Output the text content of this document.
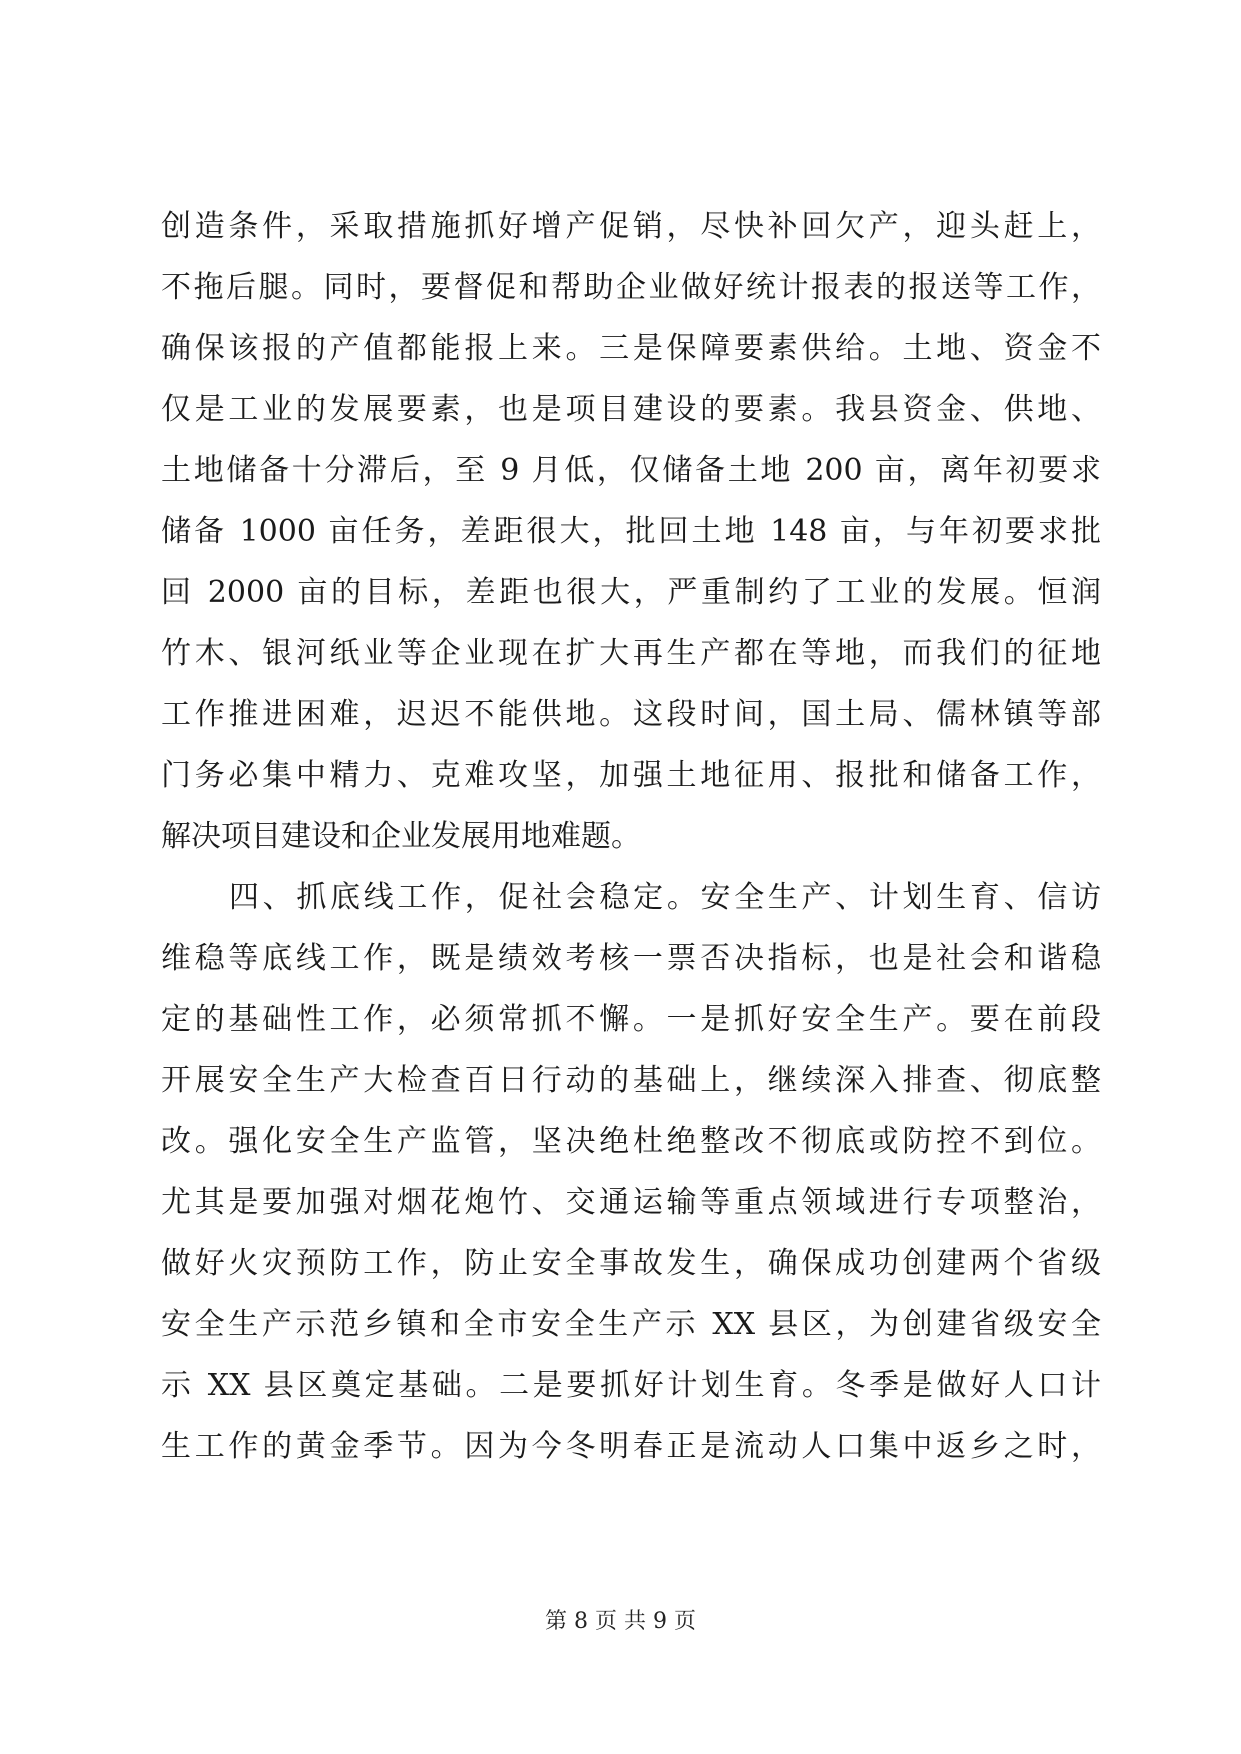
创造条件，采取措施抓好增产促销，尽快补回欠产，迎头赶上，
不拖后腿。同时，要督促和帮助企业做好统计报表的报送等工作，
确保该报的产值都能报上来。三是保障要素供给。土地、资金不
仅是工业的发展要素，也是项目建设的要素。我县资金、供地、
土地储备十分滞后，至 9 月低，仅储备土地 200 亩，离年初要求
储备 1000 亩任务，差距很大，批回土地 148 亩，与年初要求批
回 2000 亩的目标，差距也很大，严重制约了工业的发展。恒润
竹木、银河纸业等企业现在扩大再生产都在等地，而我们的征地
工作推进困难，迟迟不能供地。这段时间，国土局、儒林镇等部
门务必集中精力、克难攻坚，加强土地征用、报批和储备工作，
解决项目建设和企业发展用地难题。
四、抓底线工作，促社会稳定。安全生产、计划生育、信访
维稳等底线工作，既是绩效考核一票否决指标，也是社会和谐稳
定的基础性工作，必须常抓不懈。一是抓好安全生产。要在前段
开展安全生产大检查百日行动的基础上，继续深入排查、彻底整
改。强化安全生产监管，坚决绝杜绝整改不彻底或防控不到位。
尤其是要加强对烟花炮竹、交通运输等重点领域进行专项整治，
做好火灾预防工作，防止安全事故发生，确保成功创建两个省级
安全生产示范乡镇和全市安全生产示 XX 县区，为创建省级安全
示 XX 县区奠定基础。二是要抓好计划生育。冬季是做好人口计
生工作的黄金季节。因为今冬明春正是流动人口集中返乡之时，
第 8 页 共 9 页
